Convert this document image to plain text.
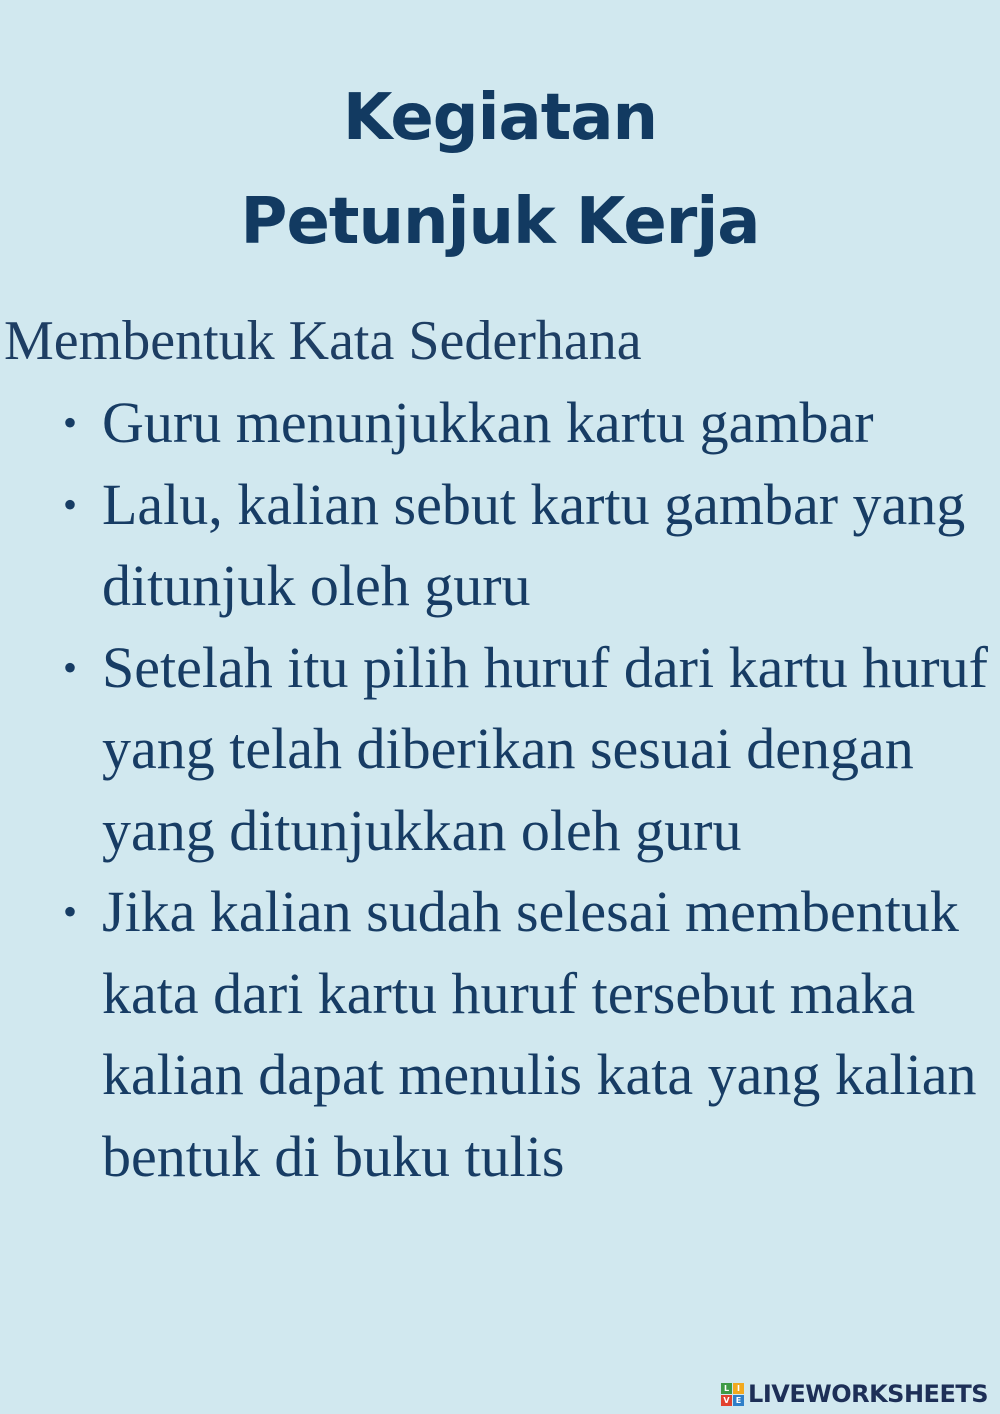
Kegiatan
Petunjuk Kerja
Membentuk Kata Sederhana
• Guru menunjukkan kartu gambar
• Lalu, kalian sebut kartu gambar yang ditunjuk oleh guru
• Setelah itu pilih huruf dari kartu huruf yang telah diberikan sesuai dengan yang ditunjukkan oleh guru
• Jika kalian sudah selesai membentuk kata dari kartu huruf tersebut maka kalian dapat menulis kata yang kalian bentuk di buku tulis
L I
V E LIVEWORKSHEETS
